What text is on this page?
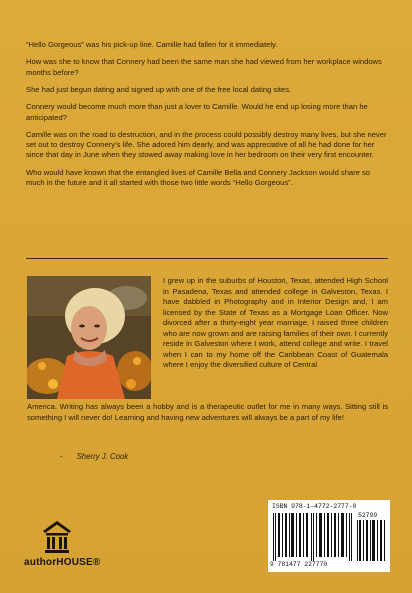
“Hello Gorgeous” was his pick-up line. Camille had fallen for it immediately.

How was she to know that Connery had been the same man she had viewed from her workplace windows months before?

She had just begun dating and signed up with one of the free local dating sites.

Connery would become much more than just a lover to Camille. Would he end up losing more than he anticipated?

Camille was on the road to destruction, and in the process could possibly destroy many lives, but she never set out to destroy Connery’s life. She adored him dearly, and was appreciative of all he had done for her since that day in June when they stowed away making love in her bedroom on their very first encounter.

Who would have known that the entangled lives of Camille Bella and Connery Jackson would share so much in the future and it all started with those two little words “Hello Gorgeous”.

I grew up in the suburbs of Houston, Texas, attended High School in Pasadena, Texas and attended college in Galveston, Texas. I have dabbled in Photography and in Interior Design and, I am licensed by the State of Texas as a Mortgage Loan Officer. Now divorced after a thirty-eight year marriage, I raised three children who are now grown and are raising families of their own. I currently reside in Galveston where I work, attend college and write. I travel when I can to my home off the Caribbean Coast of Guatemala where I enjoy the diversified culture of Central
America. Writing has always been a hobby and is a therapeutic outlet for me in many ways. Sitting still is something I will never do! Learning and having new adventures will always be a part of my life!
- Sherry J. Cook
authorHOUSE®
ISBN 978-1-4772-2777-0
52799
9 781477 227770
